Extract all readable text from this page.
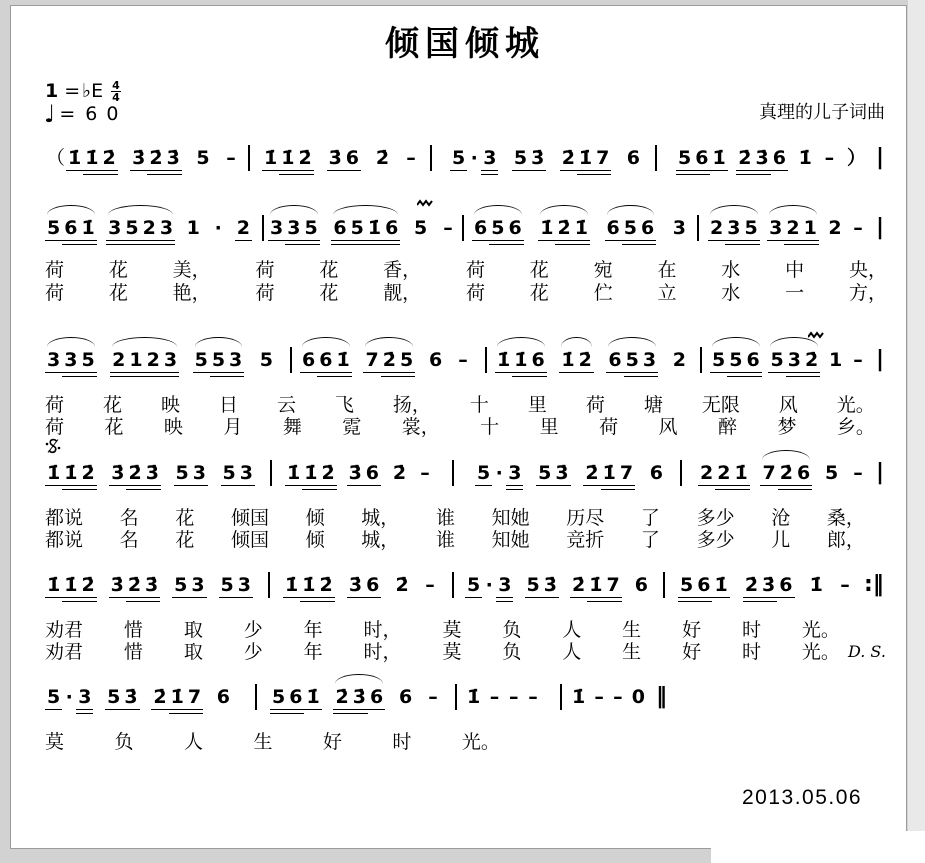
倾国倾城
1 = ♭E $\frac{4}{4}$
♩ = 60	真理的儿子词曲
（ 1̇ 1̇ 2̇ 3̇ 2̇ 3̇ 5 – 1̇ 1̇ 2̇ 3̇ 6 2̇ – 5 · 3 5 3̇ 2̇ 1̇ 7 6 5 6 1̇ 2̇ 3̇ 6 1̇ – ） |
5 6 1̇ 3 5 2 3 1 · 2 3 3 5 6 5 1̇ 6 5 – 6 5 6 1̇ 2̇ 1̇ 6 5 6 3 2 3 5 3 2 1 2 – |
荷 花 美， 荷 花 香， 荷 花 宛 在 水 中 央，
荷 花 艳， 荷 花 靓， 荷 花 伫 立 水 一 方，
3 3 5 2 1 2 3 5 5 3 5 6 6 1̇ 7 2̇ 5 6 – 1̇ 1̇ 6 1̇ 2̇ 6 5 3 2 5 5 6 5 3 2̇ 1 – |
荷 花 映 日 云 飞 扬， 十 里 荷 塘 无限 风 光。
荷 花 映 月 舞 霓 裳， 十 里 荷 风 醉 梦 乡。
1̇ 1̇ 2̇ 3̇ 2̇ 3̇ 5 3 5 3 1̇ 1̇ 2̇ 3̇ 6 2̇ – 5 · 3 5 3̇ 2̇ 1̇ 7 6 2 2 1̇ 7 2̇ 6 5 – |
都说 名 花 倾国 倾 城， 谁 知她 历尽 了 多少 沧 桑，
都说 名 花 倾国 倾 城， 谁 知她 竞折 了 多少 儿 郎，
1̇ 1̇ 2̇ 3̇ 2̇ 3̇ 5 3 5 3 1̇ 1̇ 2̇ 3̇ 6 2̇ – 5 · 3 5 3̇ 2̇ 1̇ 7 6 5 6 1̇ 2̇ 3̇ 6 1̇ – :‖
劝君 惜 取 少 年 时， 莫 负 人 生 好 时 光。
劝君 惜 取 少 年 时， 莫 负 人 生 好 时 光。
5 · 3 5 3̇ 2̇ 1̇ 7 6 5 6 1̇ 2̇ 3̇ 6 6 – 1̇ – – – 1̇ – – 0 ‖
莫	负	人	生	好	时	光。
D. S.
2013.05.06
